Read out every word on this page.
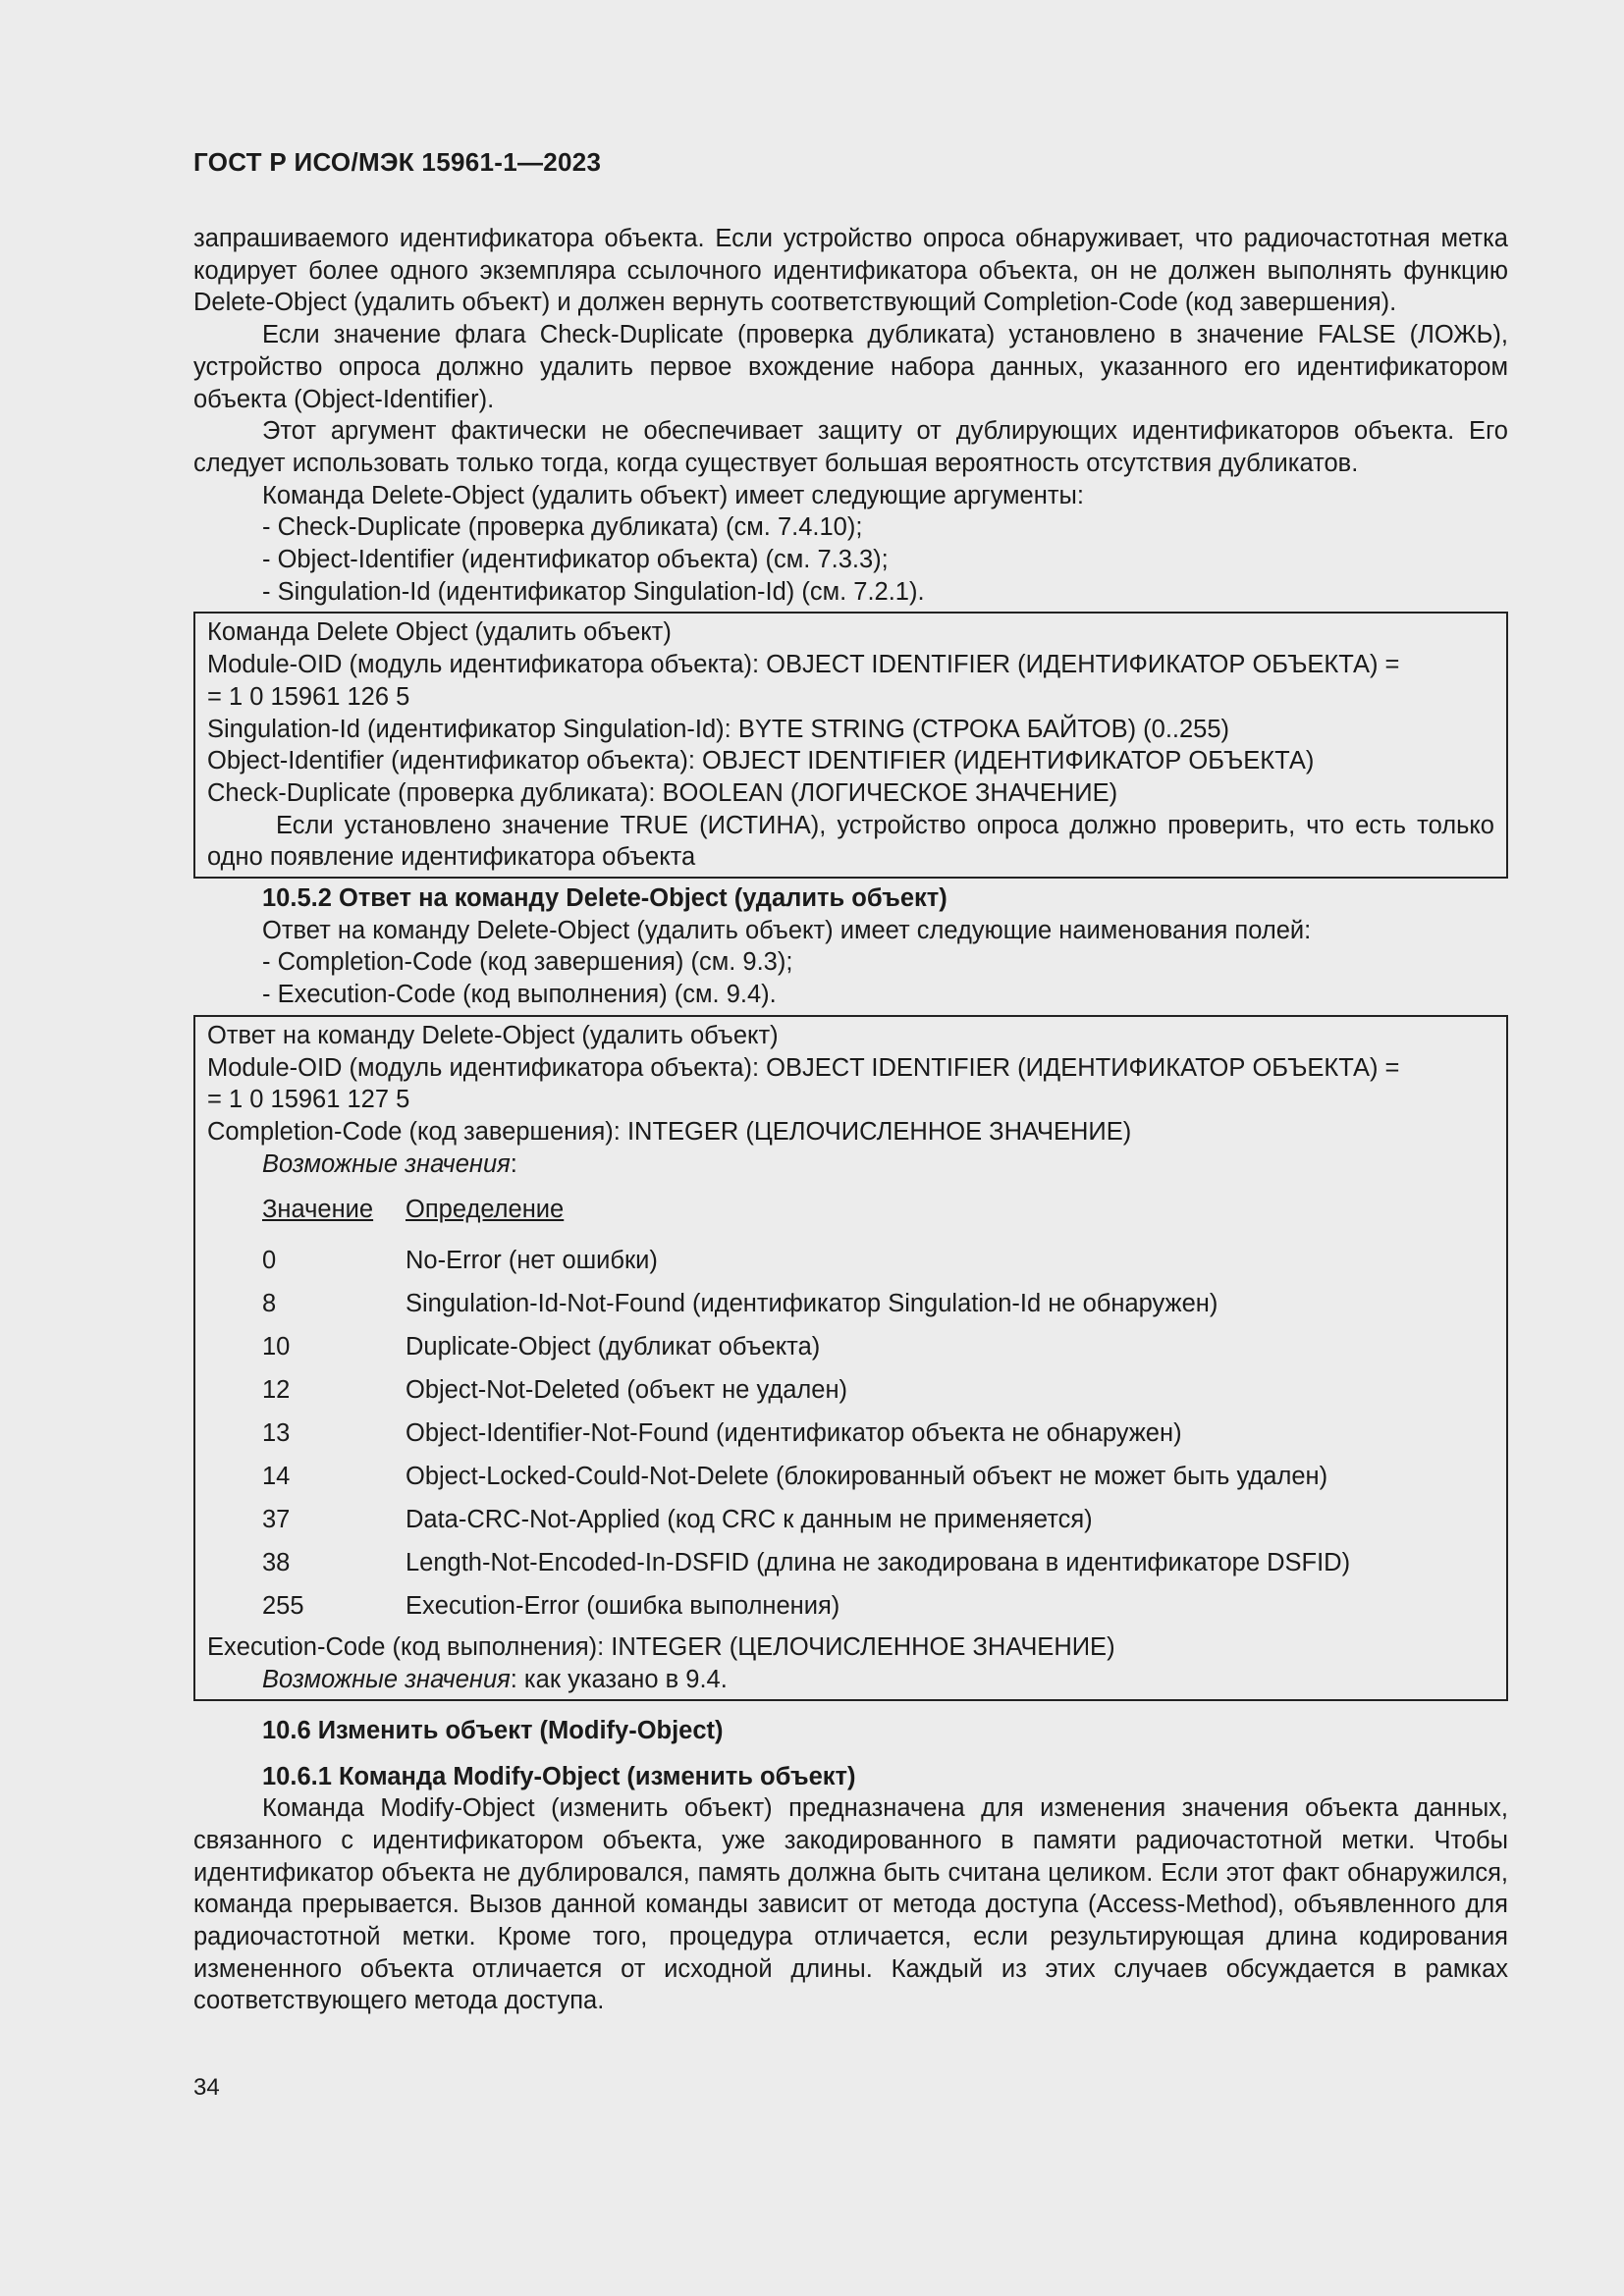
ГОСТ Р ИСО/МЭК 15961-1—2023

запрашиваемого идентификатора объекта. Если устройство опроса обнаруживает, что радиочастотная метка кодирует более одного экземпляра ссылочного идентификатора объекта, он не должен выполнять функцию Delete-Object (удалить объект) и должен вернуть соответствующий Completion-Code (код завершения).

Если значение флага Check-Duplicate (проверка дубликата) установлено в значение FALSE (ЛОЖЬ), устройство опроса должно удалить первое вхождение набора данных, указанного его идентификатором объекта (Object-Identifier).

Этот аргумент фактически не обеспечивает защиту от дублирующих идентификаторов объекта. Его следует использовать только тогда, когда существует большая вероятность отсутствия дубликатов.

Команда Delete-Object (удалить объект) имеет следующие аргументы:

- Check-Duplicate (проверка дубликата) (см. 7.4.10);

- Object-Identifier (идентификатор объекта) (см. 7.3.3);

- Singulation-Id (идентификатор Singulation-Id) (см. 7.2.1).

Команда Delete Object (удалить объект)

Module-OID (модуль идентификатора объекта): OBJECT IDENTIFIER (ИДЕНТИФИКАТОР ОБЪЕКТА) =

= 1 0 15961 126 5

Singulation-Id (идентификатор Singulation-Id): BYTE STRING (СТРОКА БАЙТОВ) (0..255)

Object-Identifier (идентификатор объекта): OBJECT IDENTIFIER (ИДЕНТИФИКАТОР ОБЪЕКТА)

Check-Duplicate (проверка дубликата): BOOLEAN (ЛОГИЧЕСКОЕ ЗНАЧЕНИЕ)

Если установлено значение TRUE (ИСТИНА), устройство опроса должно проверить, что есть только одно появление идентификатора объекта

10.5.2 Ответ на команду Delete-Object (удалить объект)

Ответ на команду Delete-Object (удалить объект) имеет следующие наименования полей:

- Completion-Code (код завершения) (см. 9.3);

- Execution-Code (код выполнения) (см. 9.4).

Ответ на команду Delete-Object (удалить объект)

Module-OID (модуль идентификатора объекта): OBJECT IDENTIFIER (ИДЕНТИФИКАТОР ОБЪЕКТА) =

= 1 0 15961 127 5

Completion-Code (код завершения): INTEGER (ЦЕЛОЧИСЛЕННОЕ ЗНАЧЕНИЕ)

Возможные значения:

Значение	Определение
0	No-Error (нет ошибки)
8	Singulation-Id-Not-Found (идентификатор Singulation-Id не обнаружен)
10	Duplicate-Object (дубликат объекта)
12	Object-Not-Deleted (объект не удален)
13	Object-Identifier-Not-Found (идентификатор объекта не обнаружен)
14	Object-Locked-Could-Not-Delete (блокированный объект не может быть удален)
37	Data-CRC-Not-Applied (код CRC к данным не применяется)
38	Length-Not-Encoded-In-DSFID (длина не закодирована в идентификаторе DSFID)
255	Execution-Error (ошибка выполнения)

Execution-Code (код выполнения): INTEGER (ЦЕЛОЧИСЛЕННОЕ ЗНАЧЕНИЕ)

Возможные значения: как указано в 9.4.

10.6 Изменить объект (Modify-Object)

10.6.1 Команда Modify-Object (изменить объект)

Команда Modify-Object (изменить объект) предназначена для изменения значения объекта данных, связанного с идентификатором объекта, уже закодированного в памяти радиочастотной метки. Чтобы идентификатор объекта не дублировался, память должна быть считана целиком. Если этот факт обнаружился, команда прерывается. Вызов данной команды зависит от метода доступа (Access-Method), объявленного для радиочастотной метки. Кроме того, процедура отличается, если результирующая длина кодирования измененного объекта отличается от исходной длины. Каждый из этих случаев обсуждается в рамках соответствующего метода доступа.

34
